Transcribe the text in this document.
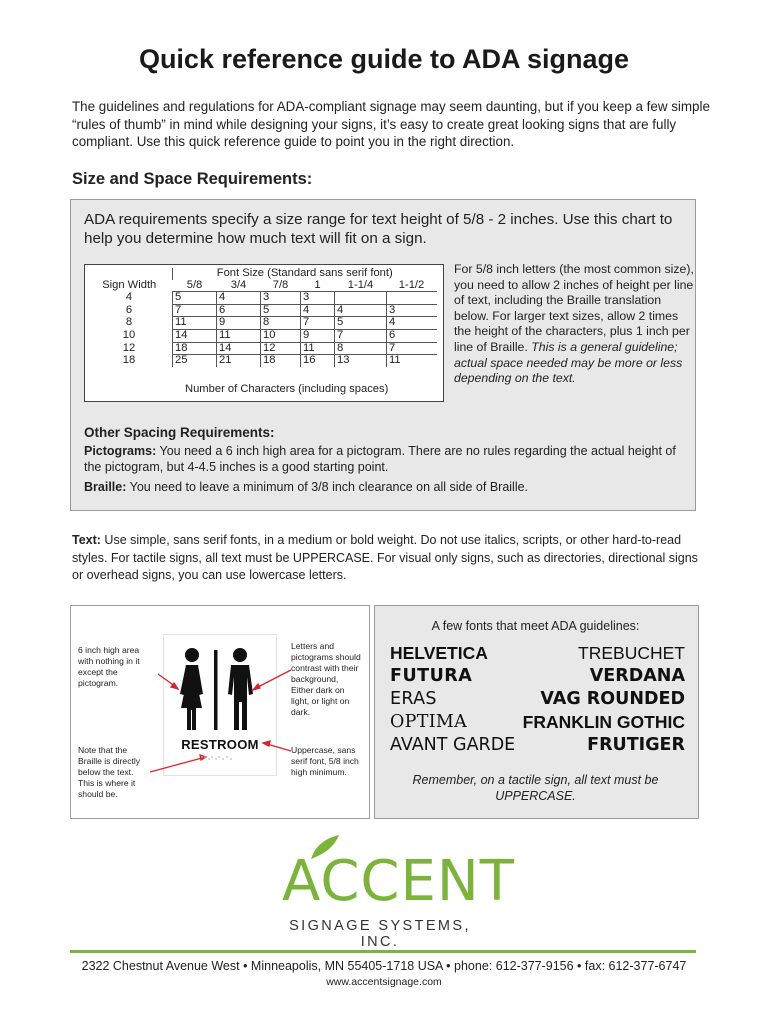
Quick reference guide to ADA signage
The guidelines and regulations for ADA-compliant signage may seem daunting, but if you keep a few simple “rules of thumb” in mind while designing your signs, it’s easy to create great looking signs that are fully compliant. Use this quick reference guide to point you in the right direction.
Size and Space Requirements:
ADA requirements specify a size range for text height of 5/8 - 2 inches. Use this chart to help you determine how much text will fit on a sign.
	Font Size (Standard sans serif font)					
Sign Width	5/8	3/4	7/8	1	1-1/4	1-1/2
4	5	4	3	3		
6	7	6	5	4	4	3
8	11	9	8	7	5	4
10	14	11	10	9	7	6
12	18	14	12	11	8	7
18	25	21	18	16	13	11
Number of Characters (including spaces)
For 5/8 inch letters (the most common size), you need to allow 2 inches of height per line of text, including the Braille translation below. For larger text sizes, allow 2 times the height of the characters, plus 1 inch per line of Braille. This is a general guideline; actual space needed may be more or less depending on the text.
Other Spacing Requirements:
Pictograms: You need a 6 inch high area for a pictogram. There are no rules regarding the actual height of the pictogram, but 4-4.5 inches is a good starting point.
Braille: You need to leave a minimum of 3/8 inch clearance on all side of Braille.
Text: Use simple, sans serif fonts, in a medium or bold weight. Do not use italics, scripts, or other hard-to-read styles. For tactile signs, all text must be UPPERCASE. For visual only signs, such as directories, directional signs or overhead signs, you can use lowercase letters.
6 inch high area with nothing in it except the pictogram.
Note that the Braille is directly below the text. This is where it should be.
Letters and pictograms should contrast with their background, Either dark on light, or light on dark.
Uppercase, sans serif font, 5/8 inch high minimum.
RESTROOM
A few fonts that meet ADA guidelines:
HELVETICA
FUTURA
ERAS
OPTIMA
AVANT GARDE
TREBUCHET
VERDANA
VAG ROUNDED
FRANKLIN GOTHIC
FRUTIGER
Remember, on a tactile sign, all text must be UPPERCASE.
ACCENT
SIGNAGE SYSTEMS, INC.
2322 Chestnut Avenue West • Minneapolis, MN 55405-1718 USA • phone: 612-377-9156 • fax: 612-377-6747
www.accentsignage.com
